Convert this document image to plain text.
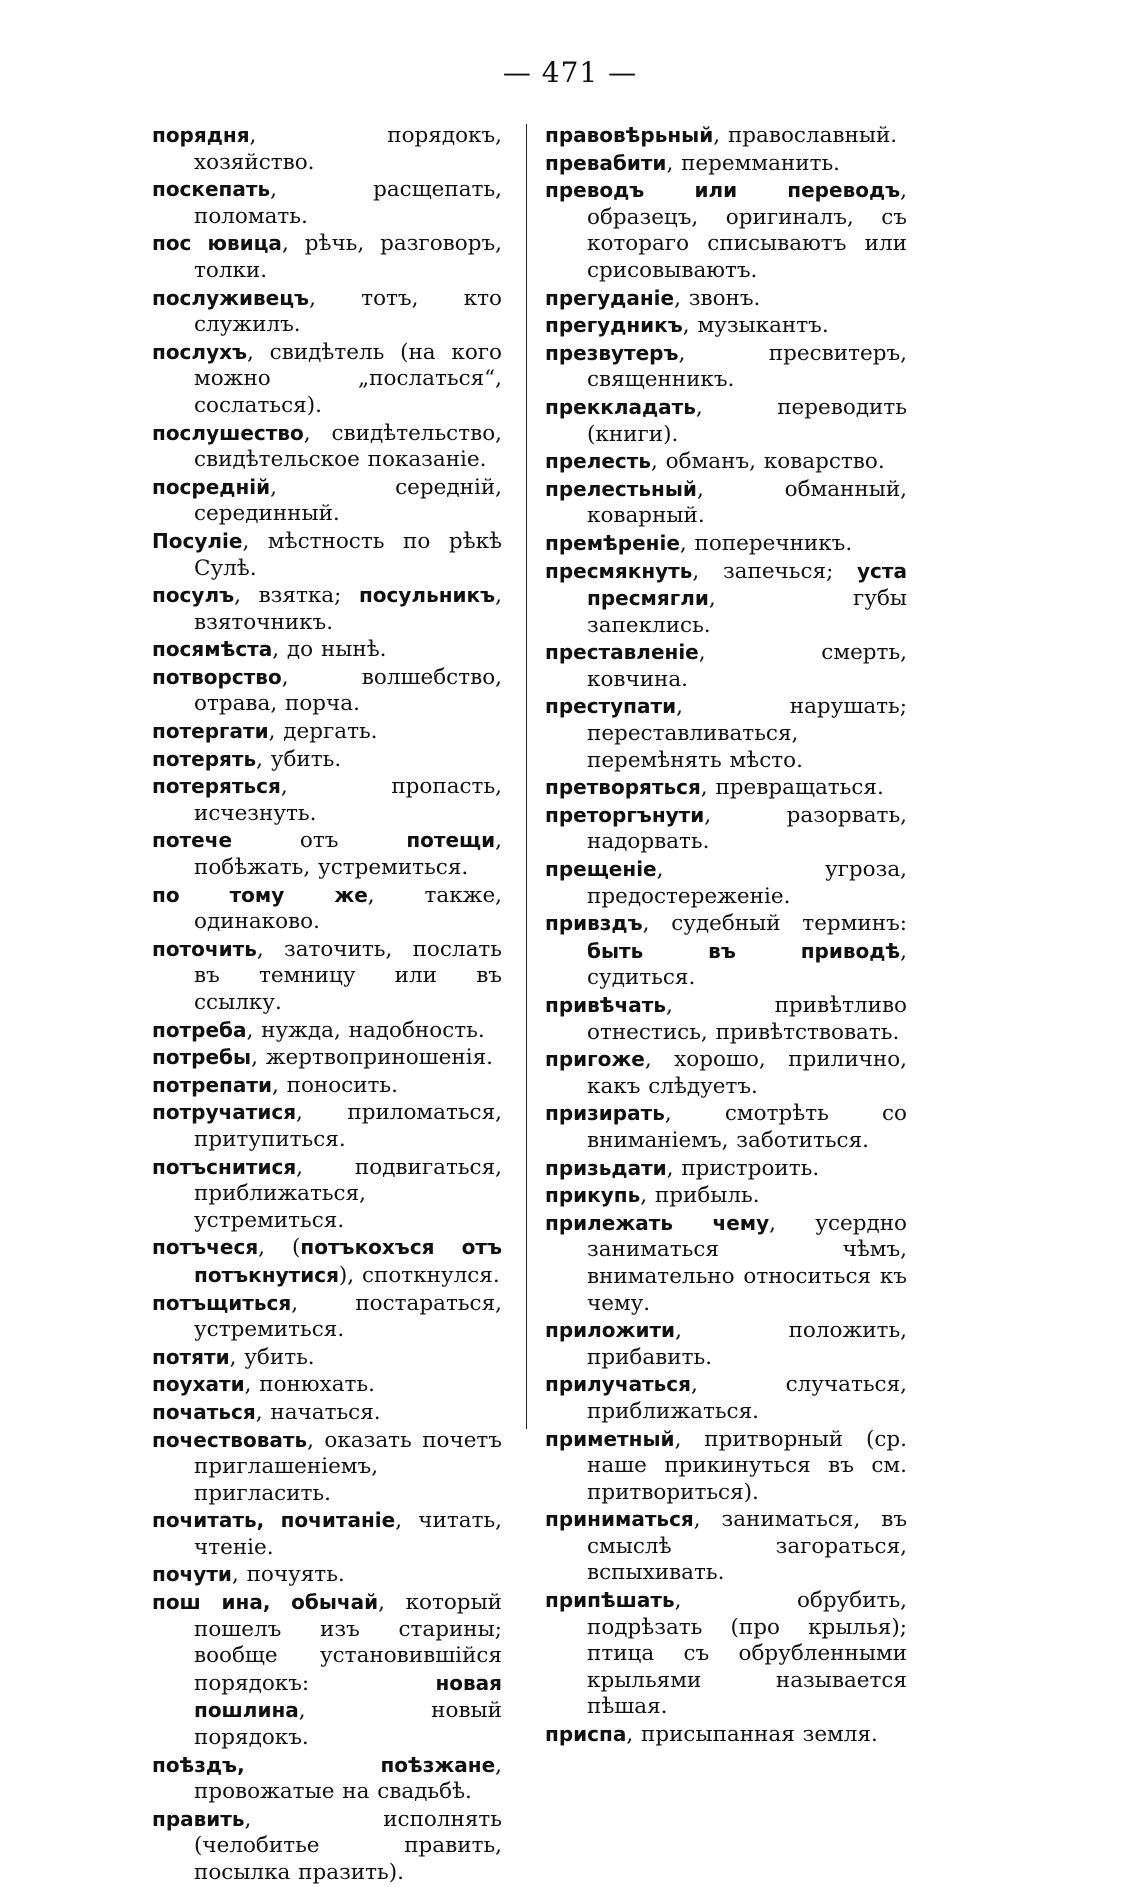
— 471 —
порядня, порядокъ, хозяйство.
поскепать, расщепать, поломать.
пос ювица, рѣчь, разговоръ, толки.
послуживецъ, тотъ, кто служилъ.
послухъ, свидѣтель (на кого можно „послаться“, сослаться).
послушество, свидѣтельство, свидѣтельское показаніе.
посредній, середній, серединный.
Посуліе, мѣстность по рѣкѣ Сулѣ.
посулъ, взятка; посульникъ, взяточникъ.
посямѣста, до нынѣ.
потворство, волшебство, отрава, порча.
потергати, дергать.
потерять, убить.
потеряться, пропасть, исчезнуть.
потече отъ потещи, побѣжать, устремиться.
по тому же, также, одинаково.
поточить, заточить, послать въ темницу или въ ссылку.
потреба, нужда, надобность.
потребы, жертвоприношенія.
потрепати, поносить.
потручатися, приломаться, притупиться.
потъснитися, подвигаться, приближаться, устремиться.
потъчеся, (потъкохъся отъ потъкнутися), споткнулся.
потъщиться, постараться, устремиться.
потяти, убить.
поухати, понюхать.
початься, начаться.
почествовать, оказать почетъ приглашеніемъ, пригласить.
почитать, почитаніе, читать, чтеніе.
почути, почуять.
пош ина, обычай, который пошелъ изъ старины; вообще установившійся порядокъ: новая пошлина, новый порядокъ.
поѣздъ, поѣзжане, провожатые на свадьбѣ.
править, исполнять (челобитье править, посылка празить).
правовѣрьный, православный.
превабити, перемманить.
преводъ или переводъ, образецъ, оригиналъ, съ котораго списываютъ или срисовываютъ.
прегуданіе, звонъ.
прегудникъ, музыкантъ.
презвутеръ, пресвитеръ, священникъ.
преккладать, переводить (книги).
прелесть, обманъ, коварство.
прелестьный, обманный, коварный.
премѣреніе, поперечникъ.
пресмякнуть, запечься; уста пресмягли, губы запеклись.
преставленіе, смерть, ковчина.
преступати, нарушать; переставливаться, перемѣнять мѣсто.
претворяться, превращаться.
преторгънути, разорвать, надорвать.
прещеніе, угроза, предостереженіе.
привздъ, судебный терминъ: быть въ приводѣ, судиться.
привѣчать, привѣтливо отнестись, привѣтствовать.
пригоже, хорошо, прилично, какъ слѣдуетъ.
призирать, смотрѣть со вниманіемъ, заботиться.
призьдати, пристроить.
прикупь, прибыль.
прилежать чему, усердно заниматься чѣмъ, внимательно относиться къ чему.
приложити, положить, прибавить.
прилучаться, случаться, приближаться.
приметный, притворный (ср. наше прикинуться въ см. притвориться).
приниматься, заниматься, въ смыслѣ загораться, вспыхивать.
припѣшать, обрубить, подрѣзать (про крылья); птица съ обрубленными крыльями называется пѣшая.
приспа, присыпанная земля.
